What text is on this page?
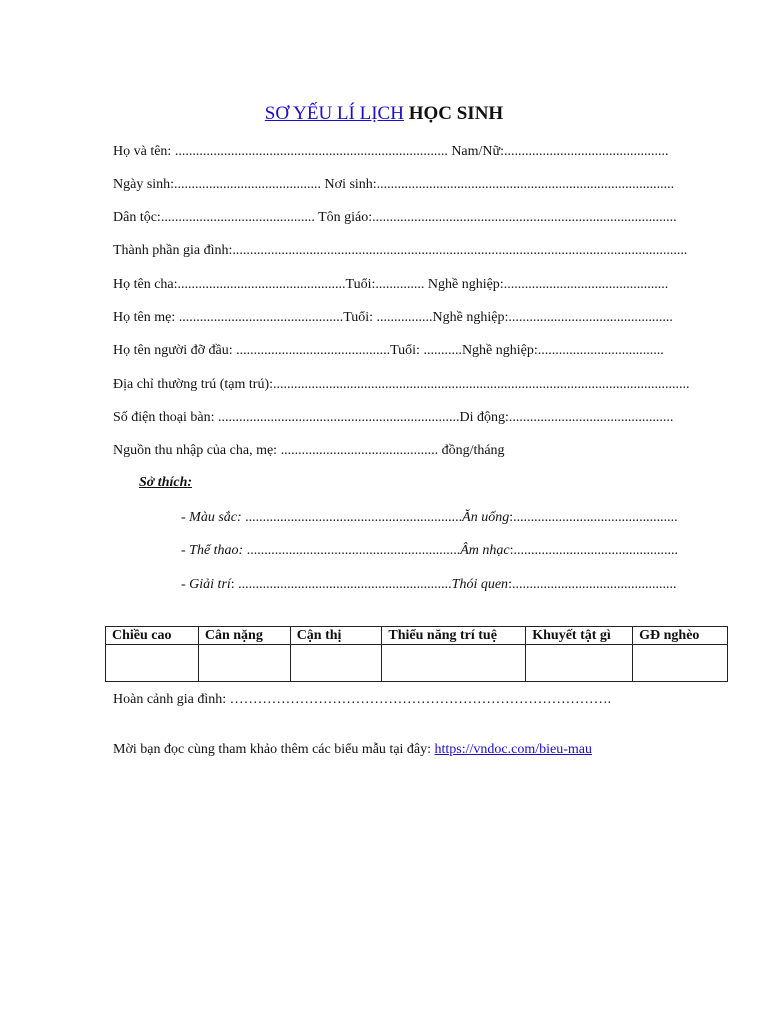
SƠ YẾU LÍ LỊCH HỌC SINH
Họ và tên: .............................................................................. Nam/Nữ:...............................................
Ngày sinh:.......................................... Nơi sinh:.....................................................................................
Dân tộc:............................................ Tôn giáo:.......................................................................................
Thành phần gia đình:..................................................................................................................................
Họ tên cha:................................................Tuổi:.............. Nghề nghiệp:...............................................
Họ tên mẹ: ...............................................Tuổi: ................Nghề nghiệp:...............................................
Họ tên người đỡ đầu: ............................................Tuổi: ...........Nghề nghiệp:....................................
Địa chỉ thường trú (tạm trú):.......................................................................................................................
Số điện thoại bàn: .....................................................................Di động:...............................................
Nguồn thu nhập của cha, mẹ: ............................................. đồng/tháng
Sở thích:
- Màu sắc: ..............................................................Ăn uống:...............................................
- Thể thao: .............................................................Âm nhạc:...............................................
- Giải trí: .............................................................Thói quen:...............................................
Chiều cao	Cân nặng	Cận thị	Thiểu năng trí tuệ	Khuyết tật gì	GĐ nghèo

Hoàn cảnh gia đình: ……………………………………………………………………….
Mời bạn đọc cùng tham khảo thêm các biểu mẫu tại đây: https://vndoc.com/bieu-mau
